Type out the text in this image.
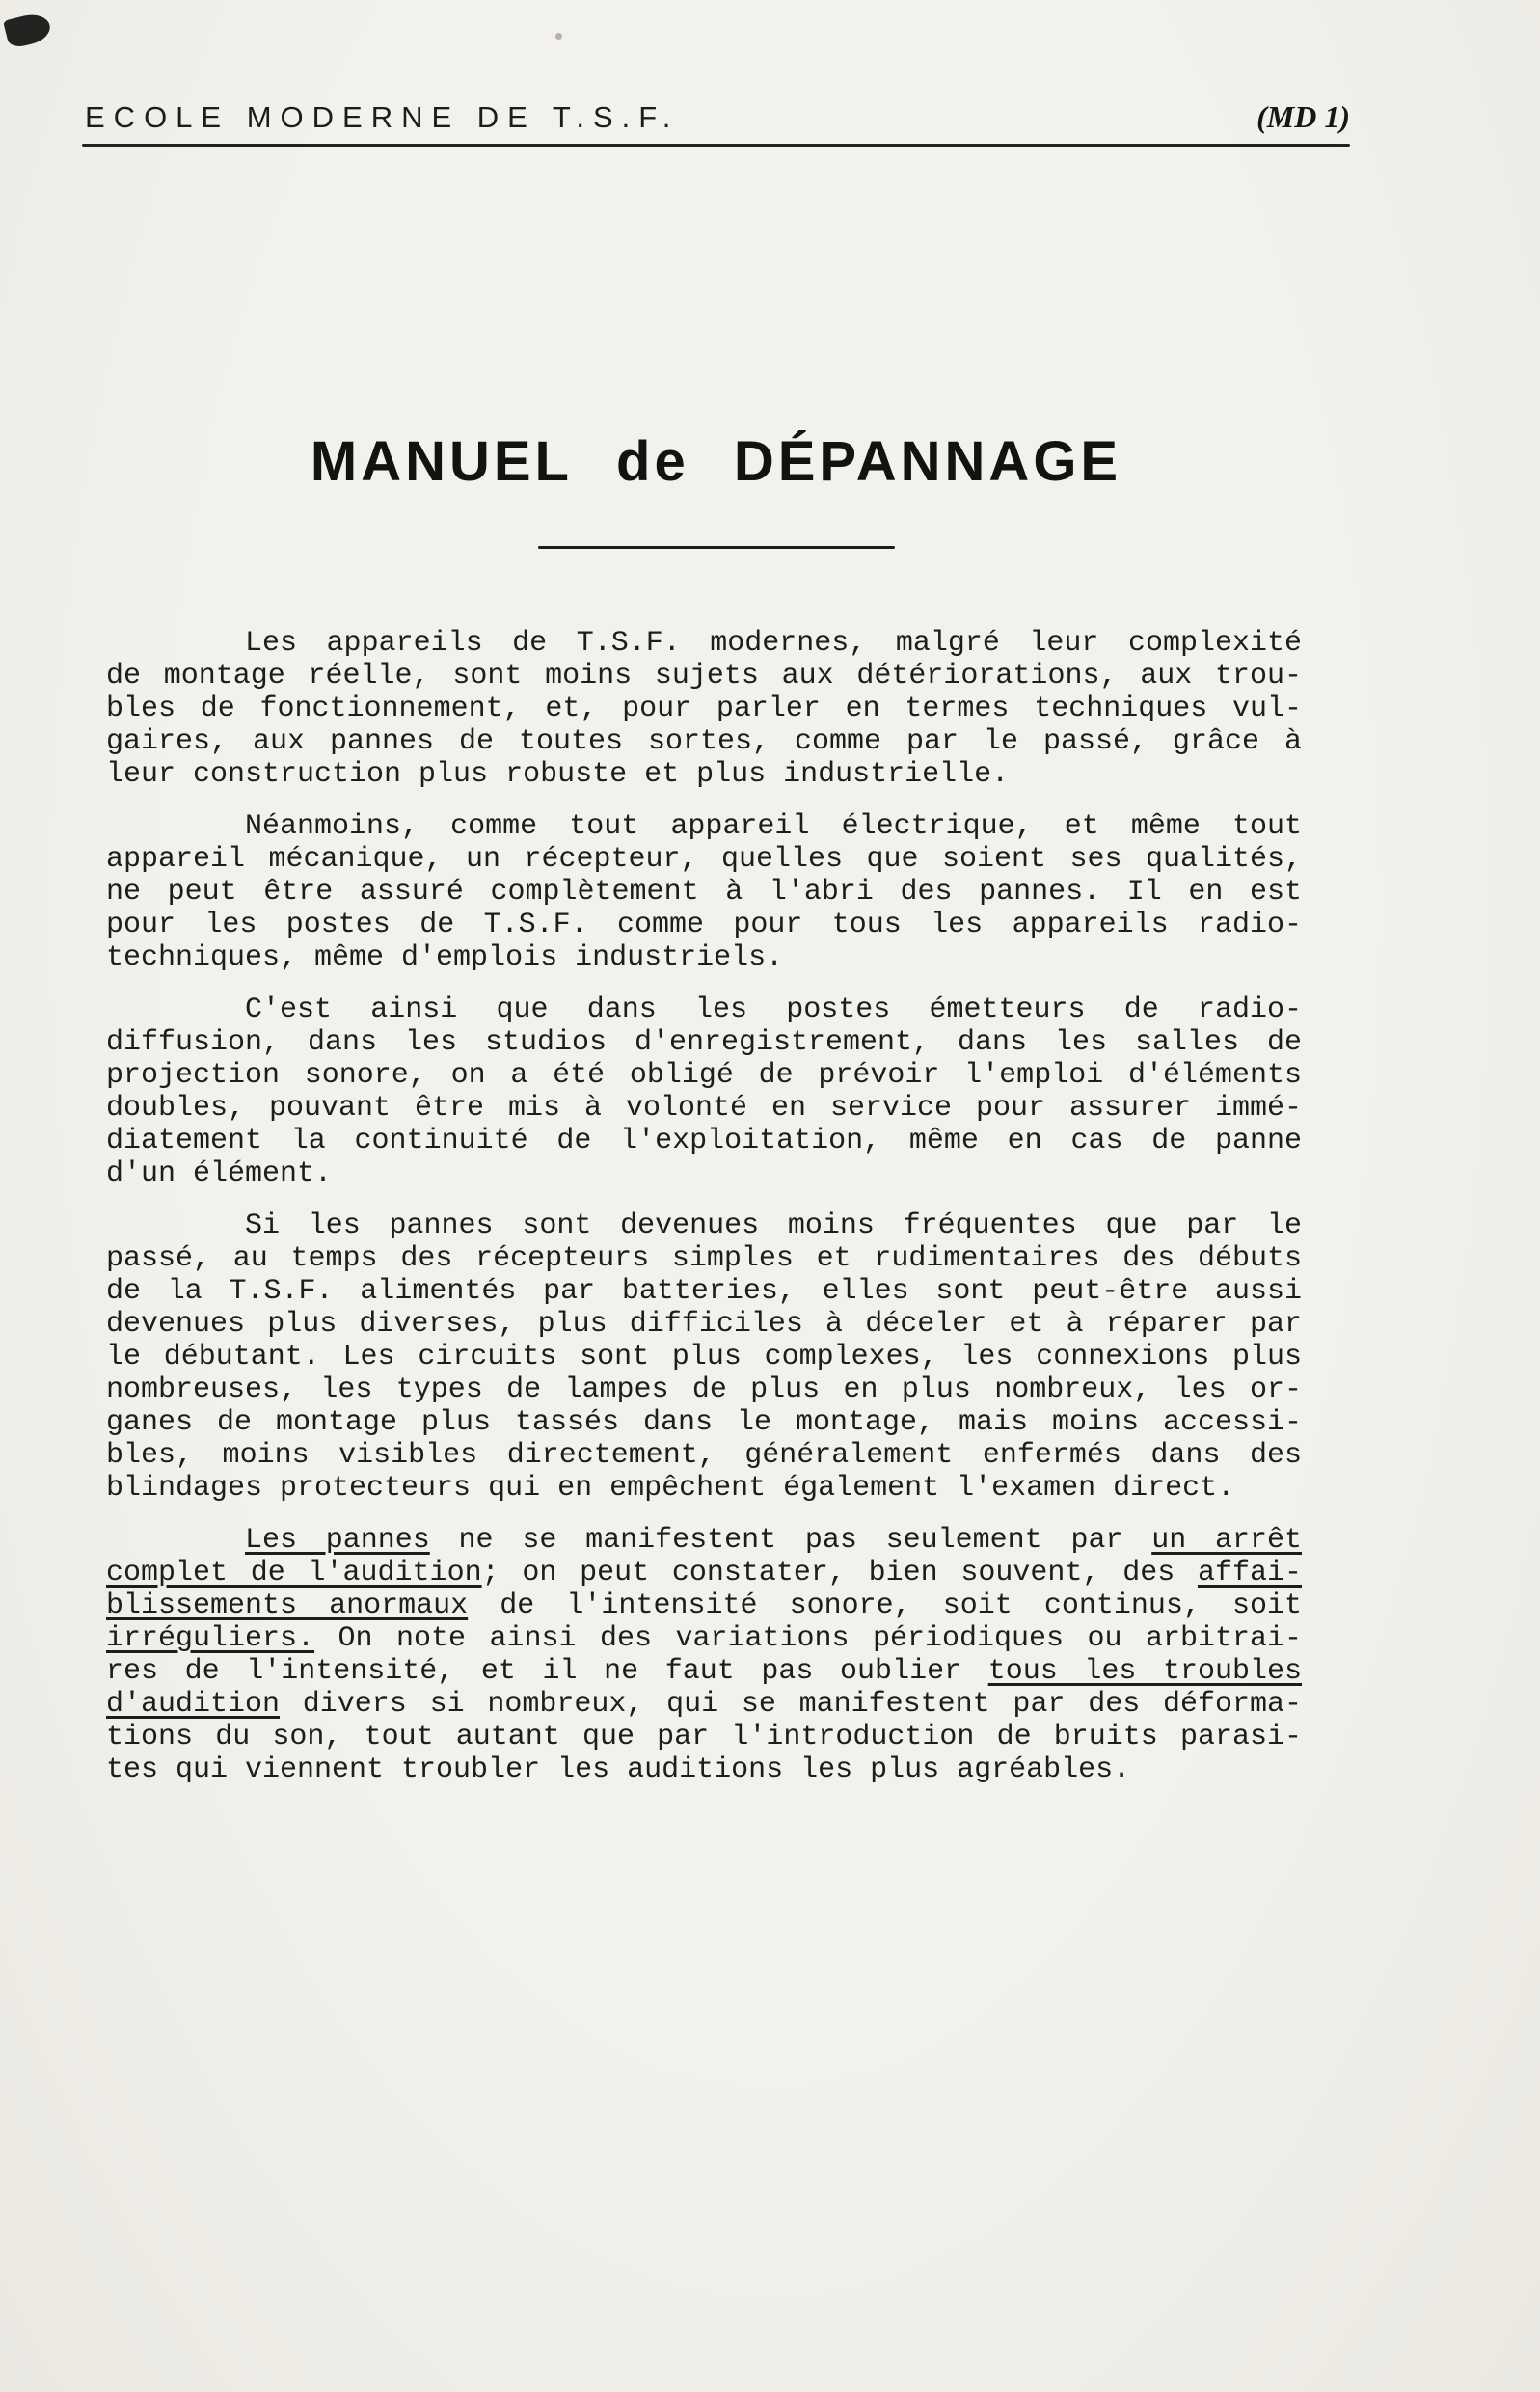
ECOLE MODERNE DE T.S.F.	(MD 1)
MANUEL de DÉPANNAGE
Les appareils de T.S.F. modernes, malgré leur complexité
de montage réelle, sont moins sujets aux détériorations, aux trou-
bles de fonctionnement, et, pour parler en termes techniques vul-
gaires, aux pannes de toutes sortes, comme par le passé, grâce à
leur construction plus robuste et plus industrielle.
Néanmoins, comme tout appareil électrique, et même tout
appareil mécanique, un récepteur, quelles que soient ses qualités,
ne peut être assuré complètement à l'abri des pannes. Il en est
pour les postes de T.S.F. comme pour tous les appareils radio-
techniques, même d'emplois industriels.
C'est ainsi que dans les postes émetteurs de radio-
diffusion, dans les studios d'enregistrement, dans les salles de
projection sonore, on a été obligé de prévoir l'emploi d'éléments
doubles, pouvant être mis à volonté en service pour assurer immé-
diatement la continuité de l'exploitation, même en cas de panne
d'un élément.
Si les pannes sont devenues moins fréquentes que par le
passé, au temps des récepteurs simples et rudimentaires des débuts
de la T.S.F. alimentés par batteries, elles sont peut-être aussi
devenues plus diverses, plus difficiles à déceler et à réparer par
le débutant. Les circuits sont plus complexes, les connexions plus
nombreuses, les types de lampes de plus en plus nombreux, les or-
ganes de montage plus tassés dans le montage, mais moins accessi-
bles, moins visibles directement, généralement enfermés dans des
blindages protecteurs qui en empêchent également l'examen direct.
Les pannes ne se manifestent pas seulement par un arrêt
complet de l'audition; on peut constater, bien souvent, des affai-
blissements anormaux de l'intensité sonore, soit continus, soit
irréguliers. On note ainsi des variations périodiques ou arbitrai-
res de l'intensité, et il ne faut pas oublier tous les troubles
d'audition divers si nombreux, qui se manifestent par des déforma-
tions du son, tout autant que par l'introduction de bruits parasi-
tes qui viennent troubler les auditions les plus agréables.
